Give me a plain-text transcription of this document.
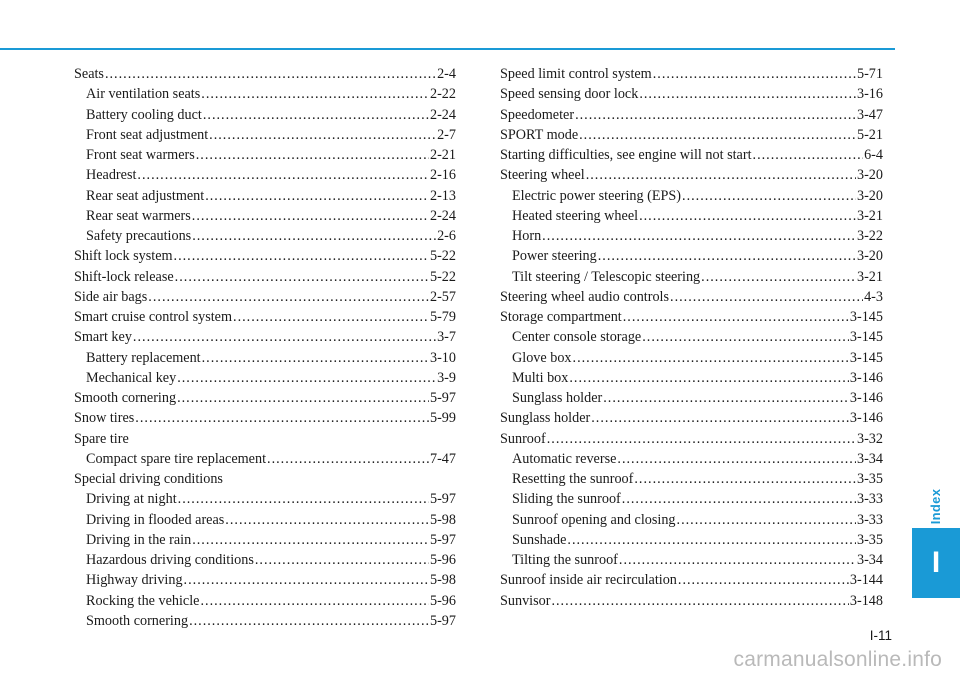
Seats .....	2-4
Air ventilation seats .....	2-22
Battery cooling duct .....	2-24
Front seat adjustment .....	2-7
Front seat warmers .....	2-21
Headrest .....	2-16
Rear seat adjustment .....	2-13
Rear seat warmers .....	2-24
Safety precautions .....	2-6
Shift lock system .....	5-22
Shift-lock release .....	5-22
Side air bags .....	2-57
Smart cruise control system .....	5-79
Smart key .....	3-7
Battery replacement .....	3-10
Mechanical key .....	3-9
Smooth cornering .....	5-97
Snow tires .....	5-99
Spare tire
Compact spare tire replacement .....	7-47
Special driving conditions
Driving at night .....	5-97
Driving in flooded areas .....	5-98
Driving in the rain .....	5-97
Hazardous driving conditions .....	5-96
Highway driving .....	5-98
Rocking the vehicle .....	5-96
Smooth cornering .....	5-97
Speed limit control system .....	5-71
Speed sensing door lock .....	3-16
Speedometer .....	3-47
SPORT mode .....	5-21
Starting difficulties, see engine will not start .....	6-4
Steering wheel .....	3-20
Electric power steering (EPS) .....	3-20
Heated steering wheel .....	3-21
Horn .....	3-22
Power steering .....	3-20
Tilt steering / Telescopic steering .....	3-21
Steering wheel audio controls .....	4-3
Storage compartment .....	3-145
Center console storage .....	3-145
Glove box .....	3-145
Multi box .....	3-146
Sunglass holder .....	3-146
Sunglass holder .....	3-146
Sunroof .....	3-32
Automatic reverse .....	3-34
Resetting the sunroof .....	3-35
Sliding the sunroof .....	3-33
Sunroof opening and closing .....	3-33
Sunshade .....	3-35
Tilting the sunroof .....	3-34
Sunroof inside air recirculation .....	3-144
Sunvisor .....	3-148
Index
I
I-11
carmanualsonline.info
